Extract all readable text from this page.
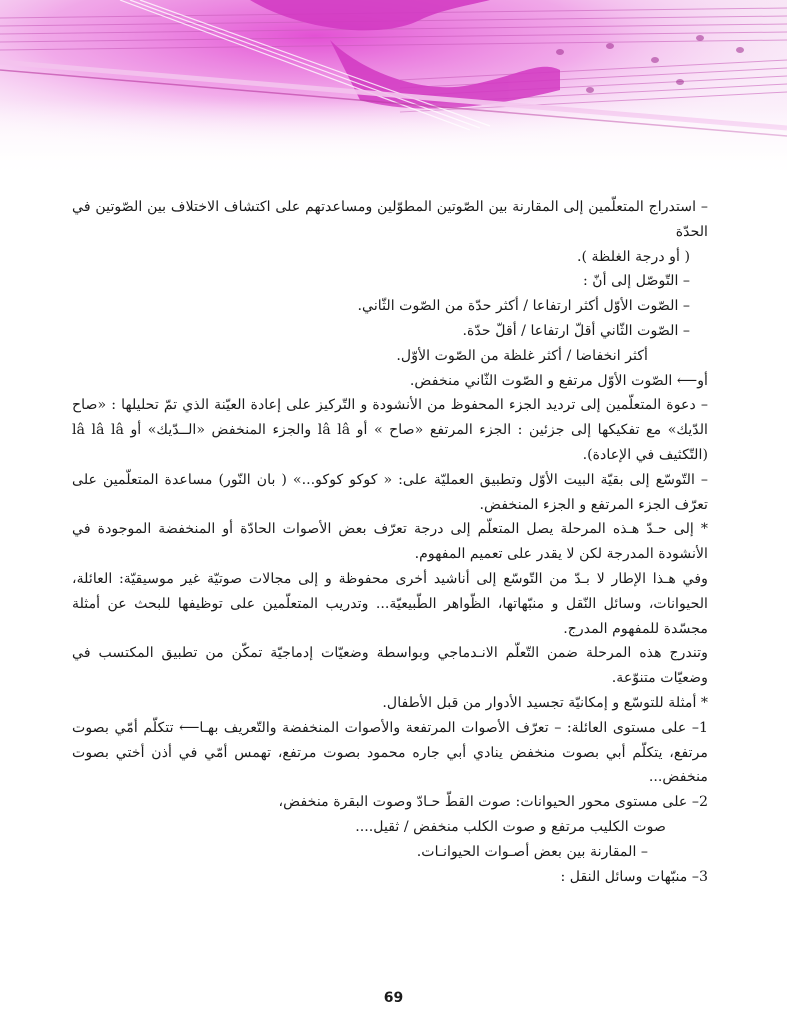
– استدراج المتعلّمين إلى المقارنة بين الصّوتين المطوّلين ومساعدتهم على اكتشاف الاختلاف بين الصّوتين في الحدّة

( أو درجة الغلظة ).

– التّوصّل إلى أنّ :

– الصّوت الأوّل أكثر ارتفاعا / أكثر حدّة من الصّوت الثّاني.

– الصّوت الثّاني أقلّ ارتفاعا / أقلّ حدّة.

أكثر انخفاضا / أكثر غلظة من الصّوت الأوّل.

أو⟵ الصّوت الأوّل مرتفع و الصّوت الثّاني منخفض.

– دعوة المتعلّمين إلى ترديد الجزء المحفوظ من الأنشودة و التّركيز على إعادة العيّنة الذي تمّ تحليلها : «صاح الدّيك» مع تفكيكها إلى جزئين : الجزء المرتفع «صاح » أو lâ lâ والجزء المنخفض «الــدّيك» أو lâ lâ lâ (التّكثيف في الإعادة).

– التّوسّع إلى بقيّة البيت الأوّل وتطبيق العمليّة على: « كوكو كوكو...» ( بان النّور) مساعدة المتعلّمين على تعرّف الجزء المرتفع و الجزء المنخفض.

* إلى حـدّ هـذه المرحلة يصل المتعلّم إلى درجة تعرّف بعض الأصوات الحادّة أو المنخفضة الموجودة في الأنشودة المدرجة لكن لا يقدر على تعميم المفهوم.

وفي هـذا الإطار لا بـدّ من التّوسّع إلى أناشيد أخرى محفوظة و إلى مجالات صوتيّة غير موسيقيّة: العائلة، الحيوانات، وسائل النّقل و منبّهاتها، الظّواهر الطّبيعيّة... وتدريب المتعلّمين على توظيفها للبحث عن أمثلة مجسّدة للمفهوم المدرج.

وتندرج هذه المرحلة ضمن التّعلّم الانـدماجي وبواسطة وضعيّات إدماجيّة تمكّن من تطبيق المكتسب في وضعيّات متنوّعة.

* أمثلة للتوسّع و إمكانيّة تجسيد الأدوار من قبل الأطفال.

1– على مستوى العائلة: – تعرّف الأصوات المرتفعة والأصوات المنخفضة والتّعريف بهـا⟵ تتكلّم أمّي بصوت مرتفع، يتكلّم أبي بصوت منخفض ينادي أبي جاره محمود بصوت مرتفع، تهمس أمّي في أذن أختي بصوت منخفض...

2– على مستوى محور الحيوانات: صوت القطّ حـادّ وصوت البقرة منخفض،

صوت الكليب مرتفع و صوت الكلب منخفض / ثقيل....

– المقارنة بين بعض أصـوات الحيوانـات.

3– منبّهات وسائل النقل :

69
